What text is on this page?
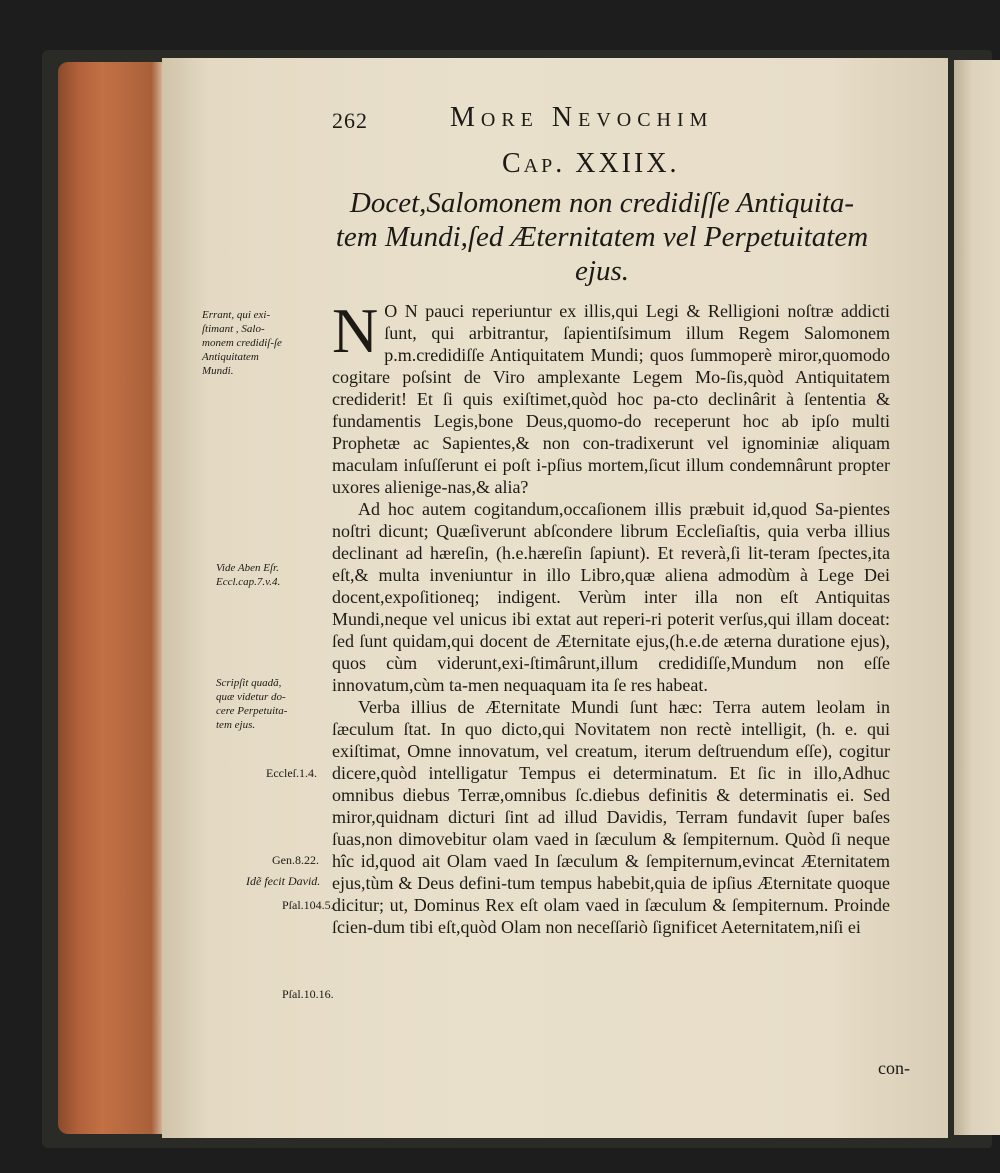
262	More Nevochim
Cap. XXIIX.
Docet,Salomonem non credidiſſe Antiquita-tem Mundi,ſed Æternitatem vel Perpetuitatem ejus.
Errant, qui exi-ſtimant , Salo-monem credidiſ-ſe Antiquitatem Mundi.
Vide Aben Eſr. Eccl.cap.7.v.4.
Scripſit quadã, quæ videtur do-cere Perpetuita-tem ejus.
Eccleſ.1.4.
Gen.8.22.
Idẽ fecit David.
Pſal.104.5.
Pſal.10.16.

N O N pauci reperiuntur ex illis,qui Legi & Relligioni noſtræ addicti ſunt, qui arbitrantur, ſapientiſsimum illum Regem Salomonem p.m.credidiſſe Antiquitatem Mundi; quos ſummoperè miror,quomodo cogitare poſsint de Viro amplexante Legem Mo-ſis,quòd Antiquitatem crediderit! Et ſi quis exiſtimet,quòd hoc pa-cto declinârit à ſententia & fundamentis Legis,bone Deus,quomo-do receperunt hoc ab ipſo multi Prophetæ ac Sapientes,& non con-tradixerunt vel ignominiæ aliquam maculam inſuſſerunt ei poſt i-pſius mortem,ſicut illum condemnârunt propter uxores alienige-nas,& alia?

Ad hoc autem cogitandum,occaſionem illis præbuit id,quod Sa-pientes noſtri dicunt; Quæſiverunt abſcondere librum Eccleſiaſtis, quia verba illius declinant ad hæreſin, (h.e.hæreſin ſapiunt). Et reverà,ſi lit-teram ſpectes,ita eſt,& multa inveniuntur in illo Libro,quæ aliena admodùm à Lege Dei docent,expoſitioneq; indigent. Verùm inter illa non eſt Antiquitas Mundi,neque vel unicus ibi extat aut reperi-ri poterit verſus,qui illam doceat: ſed ſunt quidam,qui docent de Æternitate ejus,(h.e.de æterna duratione ejus), quos cùm viderunt,exi-ſtimârunt,illum credidiſſe,Mundum non eſſe innovatum,cùm ta-men nequaquam ita ſe res habeat.

Verba illius de Æternitate Mundi ſunt hæc: Terra autem leolam in ſæculum ſtat. In quo dicto,qui Novitatem non rectè intelligit, (h. e. qui exiſtimat, Omne innovatum, vel creatum, iterum deſtruendum eſſe), cogitur dicere,quòd intelligatur Tempus ei determinatum. Et ſic in illo,Adhuc omnibus diebus Terræ,omnibus ſc.diebus definitis & determinatis ei. Sed miror,quidnam dicturi ſint ad illud Davidis, Terram fundavit ſuper baſes ſuas,non dimovebitur olam vaed in ſæculum & ſempiternum. Quòd ſi neque hîc id,quod ait Olam vaed In ſæculum & ſempiternum,evincat Æternitatem ejus,tùm & Deus defini-tum tempus habebit,quia de ipſius Æternitate quoque dicitur; ut, Dominus Rex eſt olam vaed in ſæculum & ſempiternum. Proinde ſcien-dum tibi eſt,quòd Olam non neceſſariò ſignificet Aeternitatem,niſi ei

con-
